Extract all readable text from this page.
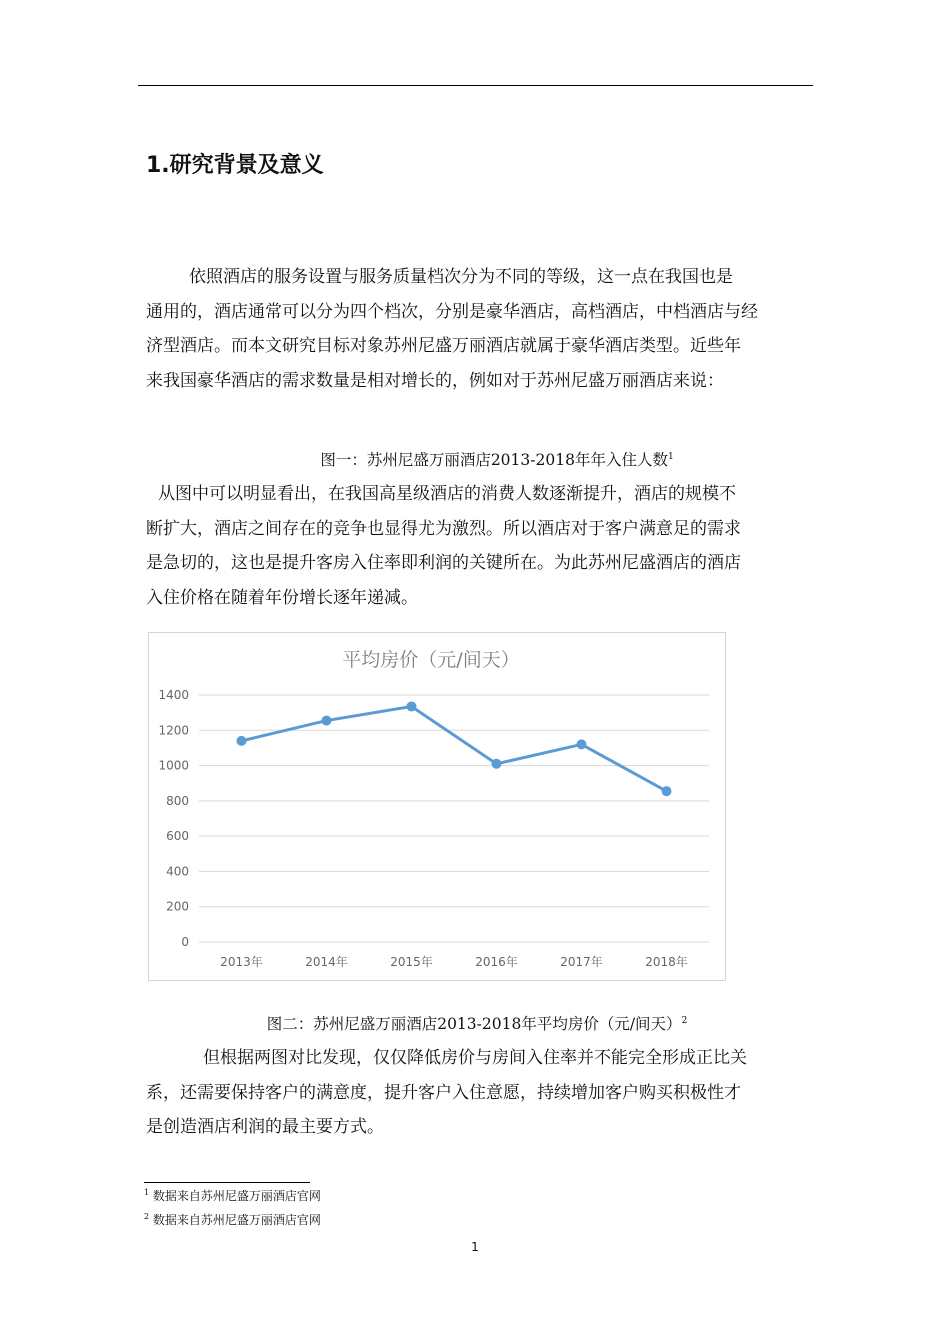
1.研究背景及意义
依照酒店的服务设置与服务质量档次分为不同的等级，这一点在我国也是
通用的，酒店通常可以分为四个档次，分别是豪华酒店，高档酒店，中档酒店与经
济型酒店。而本文研究目标对象苏州尼盛万丽酒店就属于豪华酒店类型。近些年
来我国豪华酒店的需求数量是相对增长的，例如对于苏州尼盛万丽酒店来说：

图一：苏州尼盛万丽酒店2013-2018年年入住人数$^1$

从图中可以明显看出，在我国高星级酒店的消费人数逐渐提升，酒店的规模不
断扩大，酒店之间存在的竞争也显得尤为激烈。所以酒店对于客户满意足的需求
是急切的，这也是提升客房入住率即利润的关键所在。为此苏州尼盛酒店的酒店
入住价格在随着年份增长逐年递减。
平均房价（元/间天）
0
200
400
600
800
1000
1200
1400
2013年	2014年	2015年	2016年	2017年	2018年

图二：苏州尼盛万丽酒店2013-2018年平均房价（元/间天）$^2$

但根据两图对比发现，仅仅降低房价与房间入住率并不能完全形成正比关
系，还需要保持客户的满意度，提升客户入住意愿，持续增加客户购买积极性才
是创造酒店利润的最主要方式。

$^1$ 数据来自苏州尼盛万丽酒店官网

$^2$ 数据来自苏州尼盛万丽酒店官网

1
